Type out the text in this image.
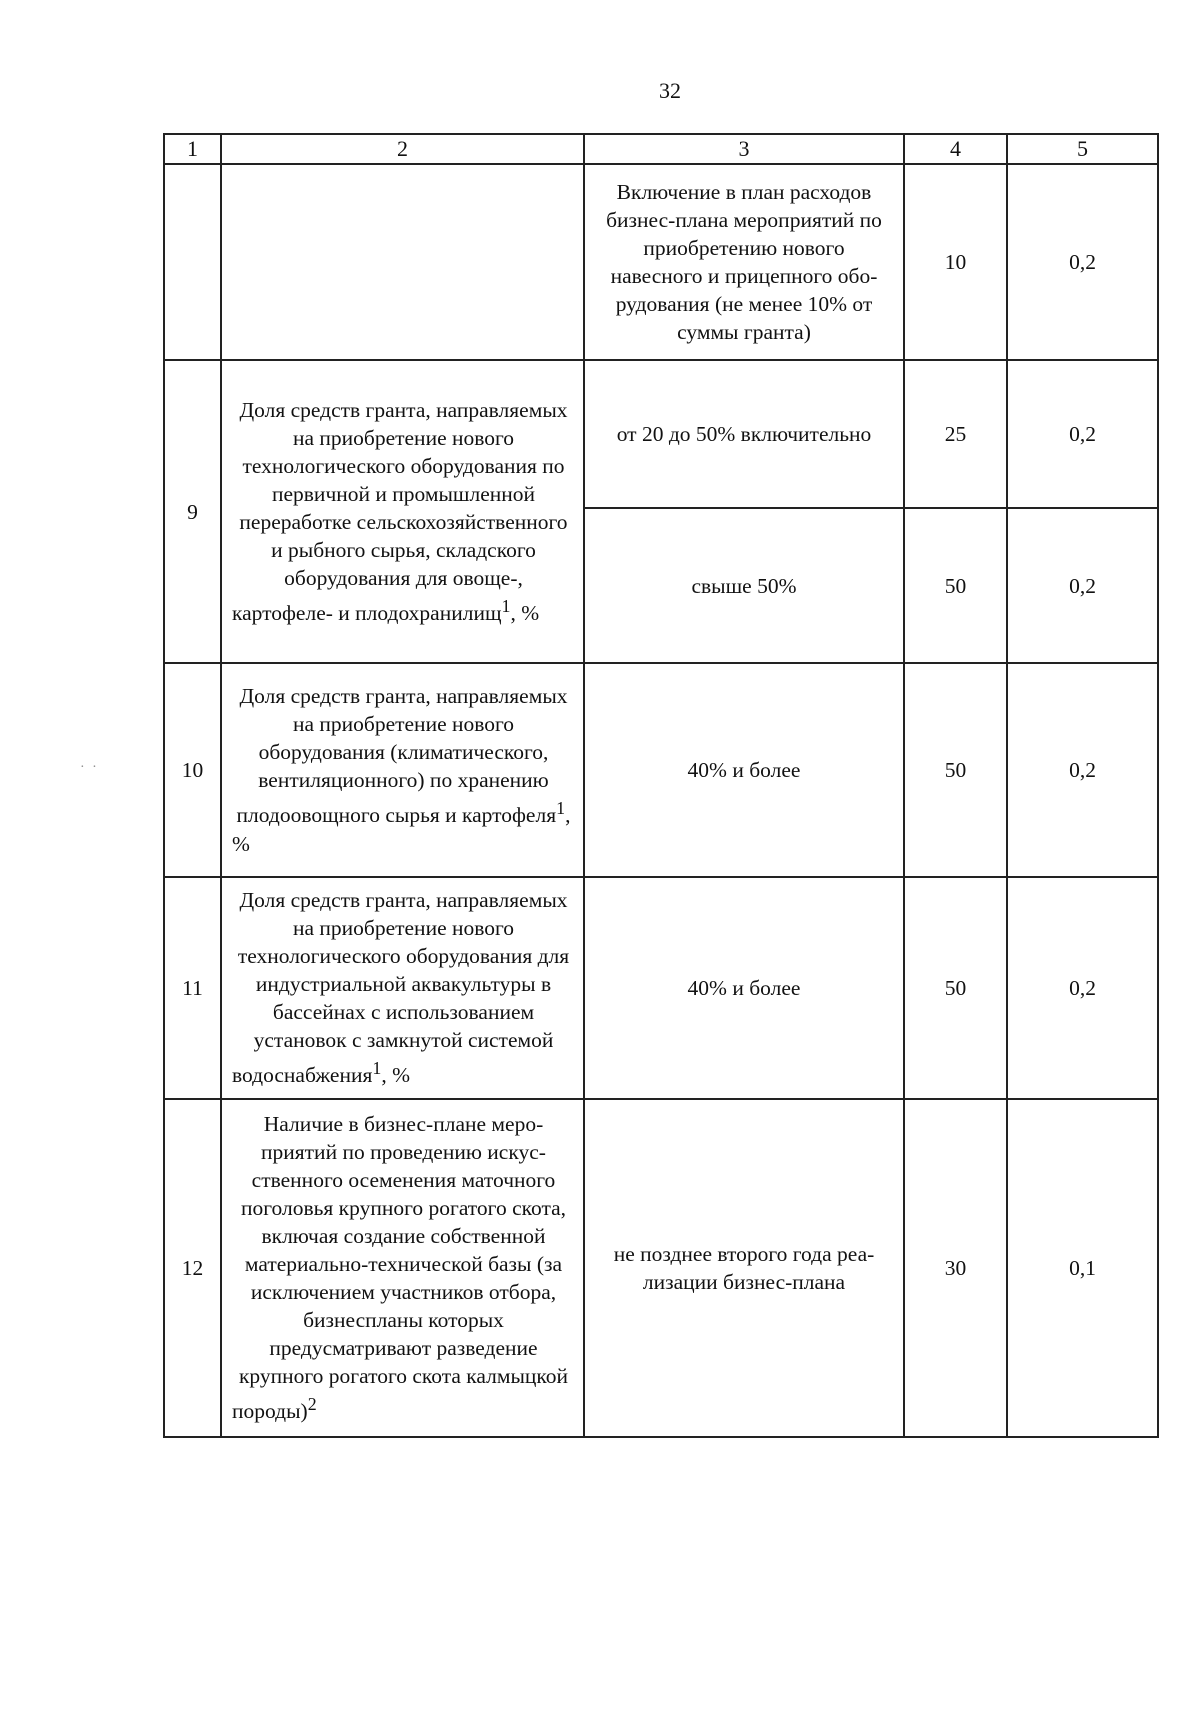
32
· ·
1	2	3	4	5
		Включение в план расходов бизнес-плана мероприятий по приобретению нового навесного и прицепного оборудования (не менее 10% от суммы гранта)	10	0,2
9	Доля средств гранта, направляемых на приобретение нового технологического оборудования по первичной и промышленной переработке сельскохозяйственного и рыбного сырья, складского оборудования для овоще-, картофеле- и плодохранилищ$^1$, %	от 20 до 50% включительно	25	0,2
		свыше 50%	50	0,2
10	Доля средств гранта, направляемых на приобретение нового оборудования (климатического, вентиляционного) по хранению плодоовощного сырья и картофеля$^1$, %	40% и более	50	0,2
11	Доля средств гранта, направляемых на приобретение нового технологического оборудования для индустриальной аквакультуры в бассейнах с использованием установок с замкнутой системой водоснабжения$^1$, %	40% и более	50	0,2
12	Наличие в бизнес-плане мероприятий по проведению искусственного осеменения маточного поголовья крупного рогатого скота, включая создание собственной материально-технической базы (за исключением участников отбора, бизнеспланы которых предусматривают разведение крупного рогатого скота калмыцкой породы)$^2$	не позднее второго года реализации бизнес-плана	30	0,1
